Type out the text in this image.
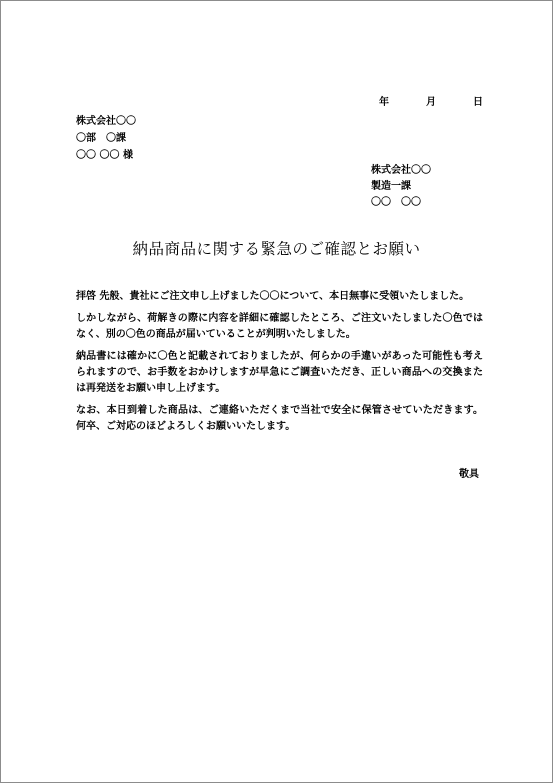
年	月	日
株式会社〇〇
〇部　〇課
〇〇 〇〇 様
株式会社〇〇
製造一課
〇〇　〇〇
納品商品に関する緊急のご確認とお願い

拝啓 先般、貴社にご注文申し上げました〇〇について、本日無事に受領いたしました。

しかしながら、荷解きの際に内容を詳細に確認したところ、ご注文いたしました〇色ではなく、別の〇色の商品が届いていることが判明いたしました。

納品書には確かに〇色と記載されておりましたが、何らかの手違いがあった可能性も考えられますので、お手数をおかけしますが早急にご調査いただき、正しい商品への交換または再発送をお願い申し上げます。

なお、本日到着した商品は、ご連絡いただくまで当社で安全に保管させていただきます。何卒、ご対応のほどよろしくお願いいたします。

敬具
